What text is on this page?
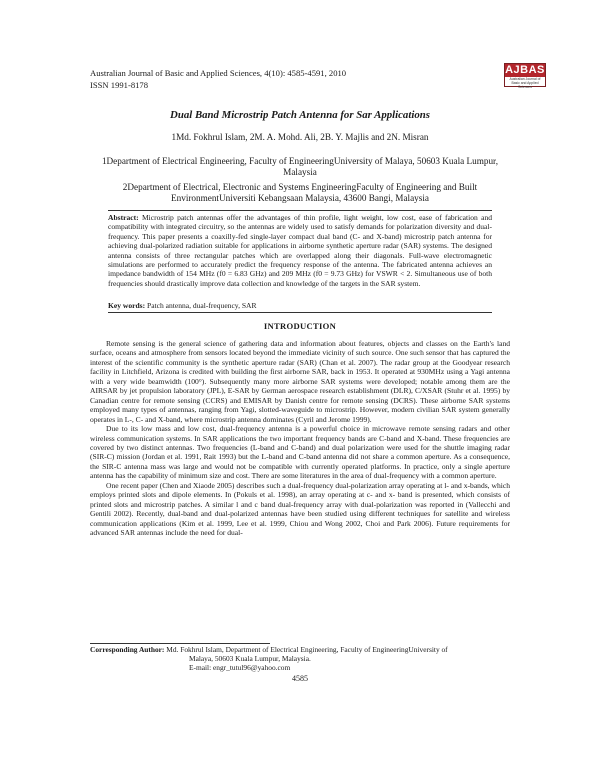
Australian Journal of Basic and Applied Sciences, 4(10): 4585-4591, 2010
ISSN 1991-8178
AJBAS
Australian Journal of Basic and Applied Sciences
Dual Band Microstrip Patch Antenna for Sar Applications
1Md. Fokhrul Islam, 2M. A. Mohd. Ali, 2B. Y. Majlis and 2N. Misran
1Department of Electrical Engineering, Faculty of EngineeringUniversity of Malaya, 50603 Kuala Lumpur, Malaysia
2Department of Electrical, Electronic and Systems EngineeringFaculty of Engineering and Built EnvironmentUniversiti Kebangsaan Malaysia, 43600 Bangi, Malaysia
Abstract: Microstrip patch antennas offer the advantages of thin profile, light weight, low cost, ease of fabrication and compatibility with integrated circuitry, so the antennas are widely used to satisfy demands for polarization diversity and dual-frequency. This paper presents a coaxilly-fed single-layer compact dual band (C- and X-band) microstrip patch antenna for achieving dual-polarized radiation suitable for applications in airborne synthetic aperture radar (SAR) systems. The designed antenna consists of three rectangular patches which are overlapped along their diagonals. Full-wave electromagnetic simulations are performed to accurately predict the frequency response of the antenna. The fabricated antenna achieves an impedance bandwidth of 154 MHz (f0 = 6.83 GHz) and 209 MHz (f0 = 9.73 GHz) for VSWR < 2. Simultaneous use of both frequencies should drastically improve data collection and knowledge of the targets in the SAR system.
Key words: Patch antenna, dual-frequency, SAR
INTRODUCTION

Remote sensing is the general science of gathering data and information about features, objects and classes on the Earth's land surface, oceans and atmosphere from sensors located beyond the immediate vicinity of such source. One such sensor that has captured the interest of the scientific community is the synthetic aperture radar (SAR) (Chan et al. 2007). The radar group at the Goodyear research facility in Litchfield, Arizona is credited with building the first airborne SAR, back in 1953. It operated at 930MHz using a Yagi antenna with a very wide beamwidth (100°). Subsequently many more airborne SAR systems were developed; notable among them are the AIRSAR by jet propulsion laboratory (JPL), E-SAR by German aerospace research establishment (DLR), C/XSAR (Stuhr et al. 1995) by Canadian centre for remote sensing (CCRS) and EMISAR by Danish centre for remote sensing (DCRS). These airborne SAR systems employed many types of antennas, ranging from Yagi, slotted-waveguide to microstrip. However, modern civilian SAR system generally operates in L-, C- and X-band, where microstrip antenna dominates (Cyril and Jerome 1999).

Due to its low mass and low cost, dual-frequency antenna is a powerful choice in microwave remote sensing radars and other wireless communication systems. In SAR applications the two important frequency bands are C-band and X-band. These frequencies are covered by two distinct antennas. Two frequencies (L-band and C-band) and dual polarization were used for the shuttle imaging radar (SIR-C) mission (Jordan et al. 1991, Rait 1993) but the L-band and C-band antenna did not share a common aperture. As a consequence, the SIR-C antenna mass was large and would not be compatible with currently operated platforms. In practice, only a single aperture antenna has the capability of minimum size and cost. There are some literatures in the area of dual-frequency with a common aperture.

One recent paper (Chen and Xiaode 2005) describes such a dual-frequency dual-polarization array operating at l- and x-bands, which employs printed slots and dipole elements. In (Pokuls et al. 1998), an array operating at c- and x- band is presented, which consists of printed slots and microstrip patches. A similar l and c band dual-frequency array with dual-polarization was reported in (Vallecchi and Gentili 2002). Recently, dual-band and dual-polarized antennas have been studied using different techniques for satellite and wireless communication applications (Kim et al. 1999, Lee et al. 1999, Chiou and Wong 2002, Choi and Park 2006). Future requirements for advanced SAR antennas include the need for dual-

Corresponding Author: Md. Fokhrul Islam, Department of Electrical Engineering, Faculty of EngineeringUniversity of
Malaya, 50603 Kuala Lumpur, Malaysia.
E-mail: engr_tutul96@yahoo.com
4585
